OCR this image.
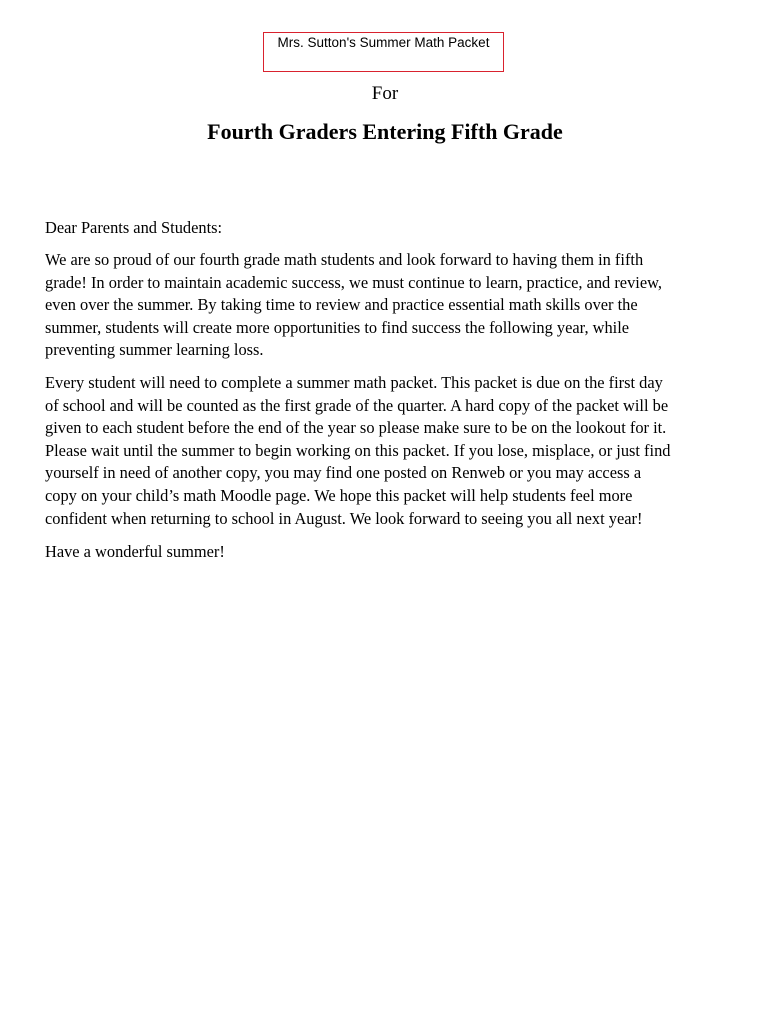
Mrs. Sutton's Summer Math Packet
For
Fourth Graders Entering Fifth Grade
Dear Parents and Students:
We are so proud of our fourth grade math students and look forward to having them in fifth
grade! In order to maintain academic success, we must continue to learn, practice, and review,
even over the summer. By taking time to review and practice essential math skills over the
summer, students will create more opportunities to find success the following year, while
preventing summer learning loss.
Every student will need to complete a summer math packet. This packet is due on the first day
of school and will be counted as the first grade of the quarter. A hard copy of the packet will be
given to each student before the end of the year so please make sure to be on the lookout for it.
Please wait until the summer to begin working on this packet. If you lose, misplace, or just find
yourself in need of another copy, you may find one posted on Renweb or you may access a
copy on your child’s math Moodle page. We hope this packet will help students feel more
confident when returning to school in August. We look forward to seeing you all next year!
Have a wonderful summer!
